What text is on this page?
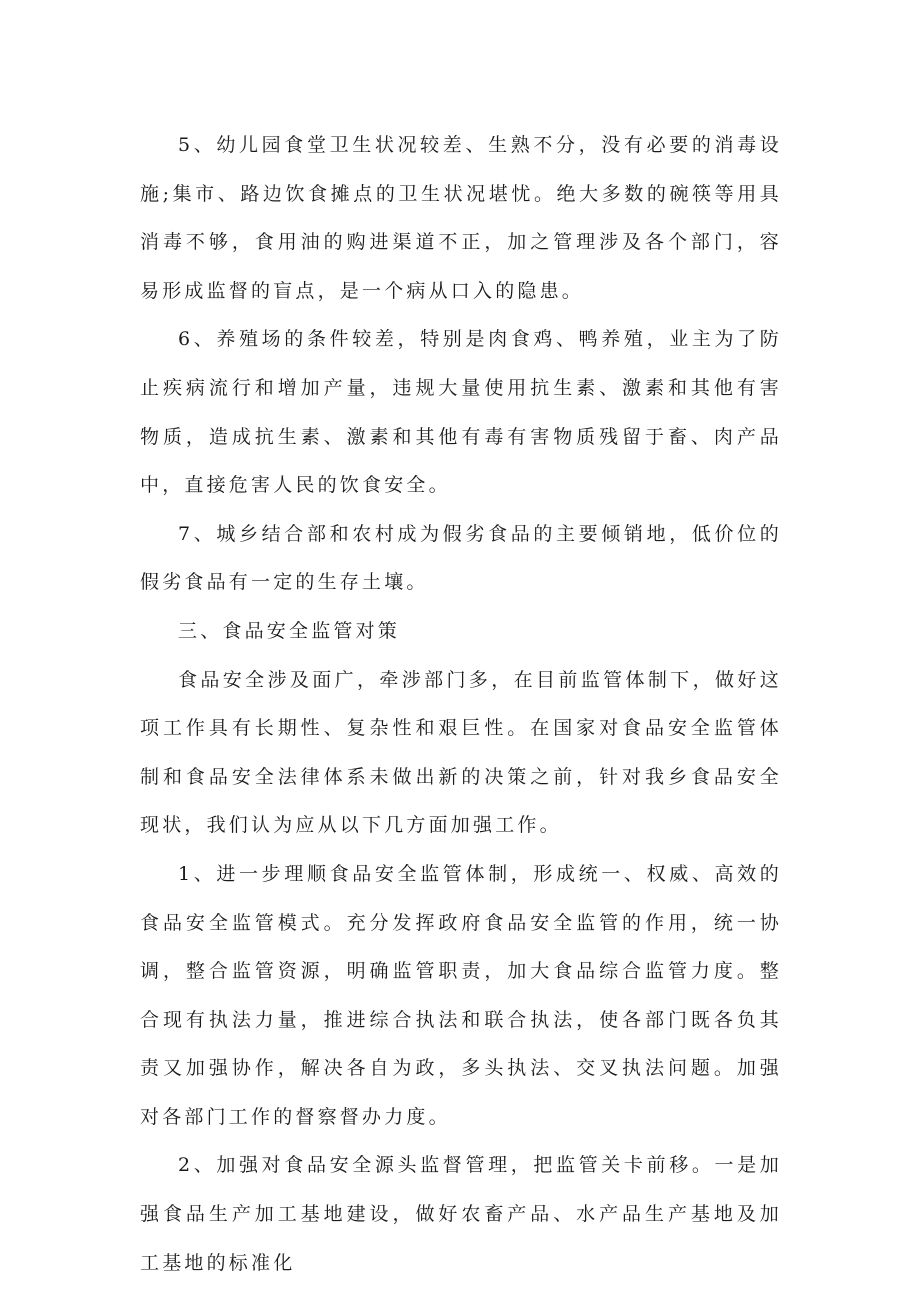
5、幼儿园食堂卫生状况较差、生熟不分，没有必要的消毒设施;集市、路边饮食摊点的卫生状况堪忧。绝大多数的碗筷等用具消毒不够，食用油的购进渠道不正，加之管理涉及各个部门，容易形成监督的盲点，是一个病从口入的隐患。

6、养殖场的条件较差，特别是肉食鸡、鸭养殖，业主为了防止疾病流行和增加产量，违规大量使用抗生素、激素和其他有害物质，造成抗生素、激素和其他有毒有害物质残留于畜、肉产品中，直接危害人民的饮食安全。

7、城乡结合部和农村成为假劣食品的主要倾销地，低价位的假劣食品有一定的生存土壤。

三、食品安全监管对策

食品安全涉及面广，牵涉部门多，在目前监管体制下，做好这项工作具有长期性、复杂性和艰巨性。在国家对食品安全监管体制和食品安全法律体系未做出新的决策之前，针对我乡食品安全现状，我们认为应从以下几方面加强工作。

1、进一步理顺食品安全监管体制，形成统一、权威、高效的食品安全监管模式。充分发挥政府食品安全监管的作用，统一协调，整合监管资源，明确监管职责，加大食品综合监管力度。整合现有执法力量，推进综合执法和联合执法，使各部门既各负其责又加强协作，解决各自为政，多头执法、交叉执法问题。加强对各部门工作的督察督办力度。

2、加强对食品安全源头监督管理，把监管关卡前移。一是加强食品生产加工基地建设，做好农畜产品、水产品生产基地及加工基地的标准化
